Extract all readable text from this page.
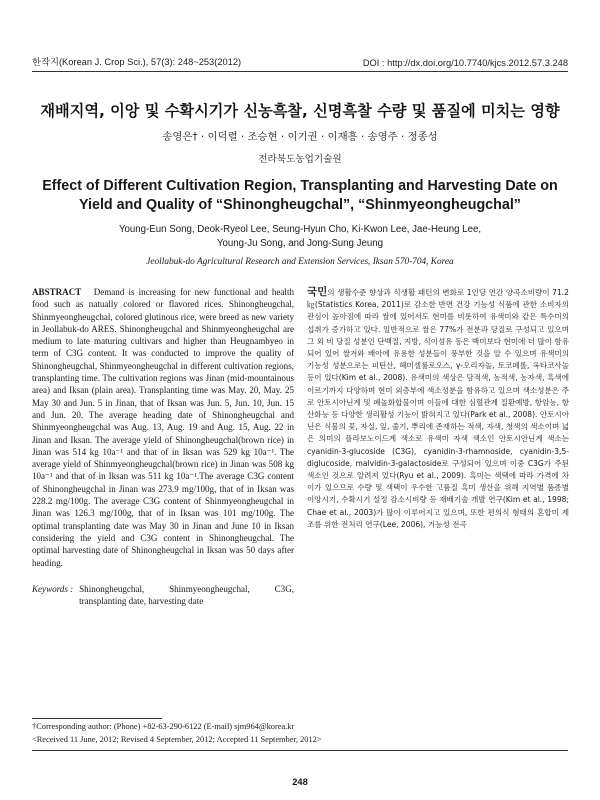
한작지(Korean J. Crop Sci.), 57(3): 248~253(2012)	DOI : http://dx.doi.org/10.7740/kjcs.2012.57.3.248
재배지역, 이앙 및 수확시기가 신농흑찰, 신명흑찰 수량 및 품질에 미치는 영향
송영은† · 이덕렬 · 조승현 · 이기권 · 이재흥 · 송영주 · 정종성
전라북도농업기술원
Effect of Different Cultivation Region, Transplanting and Harvesting Date on Yield and Quality of “Shinongheugchal”, “Shinmyeongheugchal”
Young-Eun Song, Deok-Ryeol Lee, Seung-Hyun Cho, Ki-Kwon Lee, Jae-Heung Lee,
Young-Ju Song, and Jong-Sung Jeung
Jeollabuk-do Agricultural Research and Extension Services, Iksan 570-704, Korea

ABSTRACT Demand is increasing for new functional and health food such as natually colored or flavored rices. Shinongheugchal, Shinmyeongheugchal, colored glutinous rice, were breed as new variety in Jeollabuk-do ARES. Shinongheugchal and Shinmyeongheugchal are medium to late maturing cultivars and higher than Heugnambyeo in term of C3G content. It was conducted to improve the quality of Shinongheugchal, Shinmyeongheugchal in different cultivation regions, transplanting time. The cultivation regions was Jinan (mid-mountainous area) and Iksan (plain area). Transplanting time was May. 20, May. 25 May 30 and Jun. 5 in Jinan, that of Iksan was Jun. 5, Jun. 10, Jun. 15 and Jun. 20. The average heading date of Shinongheugchal and Shinmyeongheugchal was Aug. 13, Aug. 19 and Aug. 15, Aug. 22 in Jinan and Iksan. The average yield of Shinongheugchal(brown rice) in Jinan was 514 kg 10a⁻¹ and that of in Iksan was 529 kg 10a⁻¹. The average yield of Shinmyeongheugchal(brown rice) in Jinan was 508 kg 10a⁻¹ and that of in Iksan was 511 kg 10a⁻¹.The average C3G content of Shinongheugchal in Jinan was 273.9 mg/100g, that of in Iksan was 228.2 mg/100g. The average C3G content of Shinmyeongheugchal in Jinan was 126.3 mg/100g, that of in Iksan was 101 mg/100g. The optimal transplanting date was May 30 in Jinan and June 10 in Iksan considering the yield and C3G content in Shinongheugchal. The optimal harvesting date of Shinongheugchal in Iksan was 50 days after heading.

Keywords : Shinongheugchal, Shinmyeongheugchal, C3G, transplanting date, harvesting date

국민의 생활수준 향상과 식생활 패턴의 변화로 1인당 연간 양곡소비량이 71.2 ㎏(Statistics Korea, 2011)로 감소한 반면 건강 기능성 식품에 관한 소비자의 관심이 높아짐에 따라 쌀에 있어서도 현미를 비롯하여 유색미와 같은 특수미의 섭취가 증가하고 있다. 일반적으로 쌀은 77%가 전분과 당질로 구성되고 있으며 그 외 비 당질 성분인 단백질, 지방, 식이섬유 등은 백미보다 현미에 더 많이 함유되어 있어 쌀겨와 배아에 유용한 성분들이 풍부한 것을 알 수 있으며 유색미의 기능성 성분으로는 피틴산, 헤미셀룰로오스, γ-오리자놀, 토코페롤, 옥타코사놀등이 있다(Kim et al., 2008). 유색미의 색상은 담적색, 농적색, 농자색, 흑색에 이르기까지 다양하며 현미 외층부에 색소성분을 함유하고 있으며 색소성분은 주로 안토시아닌계 및 폐놀화합물이며 이들에 대한 심혈관계 질환예방, 항암능, 항산화능 등 다양한 생리활성 기능이 밝혀지고 있다(Park et al., 2008). 안토시아닌은 식물의 꽃, 자실, 잎, 줄기, 뿌리에 존재하는 적색, 자색, 청색의 색소이며 넓은 의미의 플라보노이드계 색소로 유색미 자색 색소인 안토시안닌계 색소는 cyanidin-3-glucoside (C3G), cyanidin-3-rhamnoside, cyanidin-3,5-diglucoside, malvidin-3-galactoside로 구성되어 있으며 이중 C3G가 주된 색소인 것으로 알려져 있다(Ryu et al., 2009). 흑미는 색택에 따라 가격에 차이가 있으므로 수량 및 색택이 우수한 고품질 흑미 생산을 위해 지역별 품종별 이앙시기, 수확시기 설정 감소시비량 등 재배기술 개발 연구(Kim et al., 1998; Chae et al., 2003)가 많이 이루어지고 있으며, 또한 편의식 형태의 혼합미 제조를 위한 전처리 연구(Lee, 2006), 기능성 전곡

†Corresponding author: (Phone) +82-63-290-6122 (E-mail) sjm964@korea.kr
<Received 11 June, 2012; Revised 4 September, 2012; Accepted 11 September, 2012>
248
